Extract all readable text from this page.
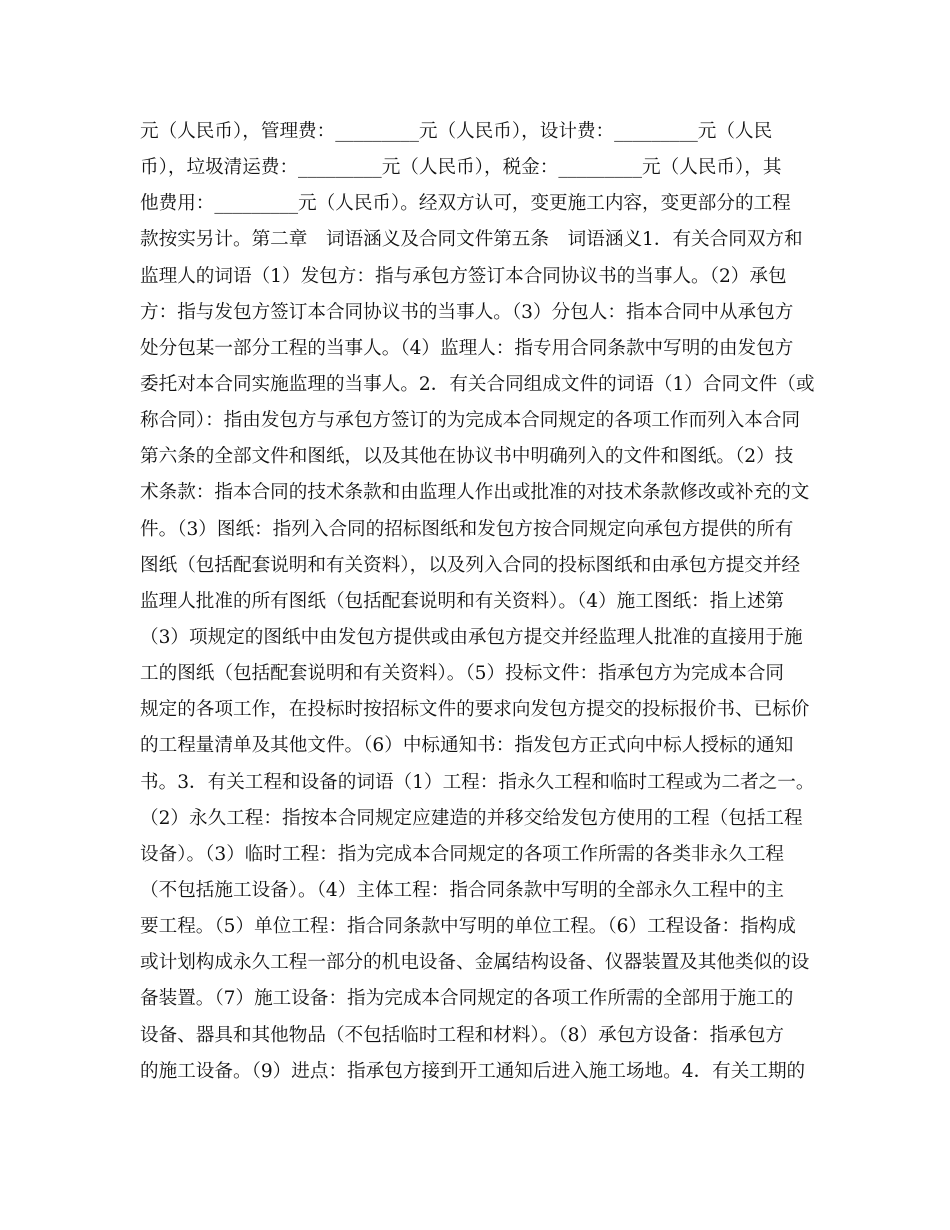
元（人民币），管理费：_________元（人民币），设计费：_________元（人民
币），垃圾清运费：_________元（人民币），税金：_________元（人民币），其
他费用：_________元（人民币）。经双方认可，变更施工内容，变更部分的工程
款按实另计。第二章　词语涵义及合同文件第五条　词语涵义1．有关合同双方和
监理人的词语（1）发包方：指与承包方签订本合同协议书的当事人。（2）承包
方：指与发包方签订本合同协议书的当事人。（3）分包人：指本合同中从承包方
处分包某一部分工程的当事人。（4）监理人：指专用合同条款中写明的由发包方
委托对本合同实施监理的当事人。2．有关合同组成文件的词语（1）合同文件（或
称合同）：指由发包方与承包方签订的为完成本合同规定的各项工作而列入本合同
第六条的全部文件和图纸，以及其他在协议书中明确列入的文件和图纸。（2）技
术条款：指本合同的技术条款和由监理人作出或批准的对技术条款修改或补充的文
件。（3）图纸：指列入合同的招标图纸和发包方按合同规定向承包方提供的所有
图纸（包括配套说明和有关资料），以及列入合同的投标图纸和由承包方提交并经
监理人批准的所有图纸（包括配套说明和有关资料）。（4）施工图纸：指上述第
（3）项规定的图纸中由发包方提供或由承包方提交并经监理人批准的直接用于施
工的图纸（包括配套说明和有关资料）。（5）投标文件：指承包方为完成本合同
规定的各项工作，在投标时按招标文件的要求向发包方提交的投标报价书、已标价
的工程量清单及其他文件。（6）中标通知书：指发包方正式向中标人授标的通知
书。3．有关工程和设备的词语（1）工程：指永久工程和临时工程或为二者之一。
（2）永久工程：指按本合同规定应建造的并移交给发包方使用的工程（包括工程
设备）。（3）临时工程：指为完成本合同规定的各项工作所需的各类非永久工程
（不包括施工设备）。（4）主体工程：指合同条款中写明的全部永久工程中的主
要工程。（5）单位工程：指合同条款中写明的单位工程。（6）工程设备：指构成
或计划构成永久工程一部分的机电设备、金属结构设备、仪器装置及其他类似的设
备装置。（7）施工设备：指为完成本合同规定的各项工作所需的全部用于施工的
设备、器具和其他物品（不包括临时工程和材料）。（8）承包方设备：指承包方
的施工设备。（9）进点：指承包方接到开工通知后进入施工场地。4．有关工期的
